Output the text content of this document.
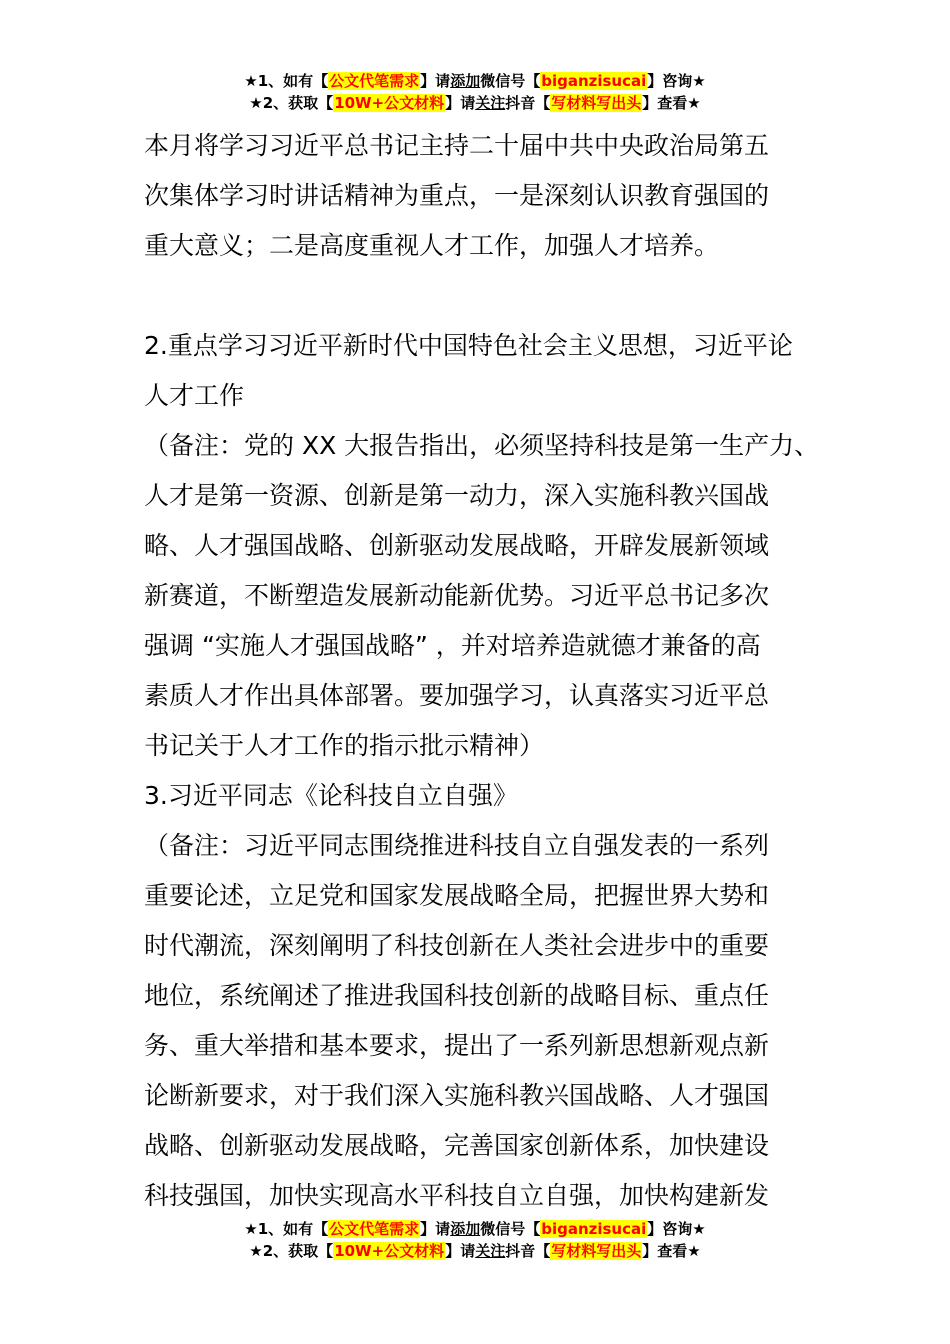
★1、如有【公文代笔需求】请添加微信号【biganzisucai】咨询★
★2、获取【10W+公文材料】请关注抖音【写材料写出头】查看★

本月将学习习近平总书记主持二十届中共中央政治局第五

次集体学习时讲话精神为重点，一是深刻认识教育强国的

重大意义；二是高度重视人才工作，加强人才培养。

2.重点学习习近平新时代中国特色社会主义思想，习近平论

人才工作

（备注：党的 XX 大报告指出，必须坚持科技是第一生产力、

人才是第一资源、创新是第一动力，深入实施科教兴国战

略、人才强国战略、创新驱动发展战略，开辟发展新领域

新赛道，不断塑造发展新动能新优势。习近平总书记多次

强调 “实施人才强国战略” ，并对培养造就德才兼备的高

素质人才作出具体部署。要加强学习，认真落实习近平总

书记关于人才工作的指示批示精神）

3.习近平同志《论科技自立自强》

（备注：习近平同志围绕推进科技自立自强发表的一系列

重要论述，立足党和国家发展战略全局，把握世界大势和

时代潮流，深刻阐明了科技创新在人类社会进步中的重要

地位，系统阐述了推进我国科技创新的战略目标、重点任

务、重大举措和基本要求，提出了一系列新思想新观点新

论断新要求，对于我们深入实施科教兴国战略、人才强国

战略、创新驱动发展战略，完善国家创新体系，加快建设

科技强国，加快实现高水平科技自立自强，加快构建新发

★1、如有【公文代笔需求】请添加微信号【biganzisucai】咨询★
★2、获取【10W+公文材料】请关注抖音【写材料写出头】查看★
